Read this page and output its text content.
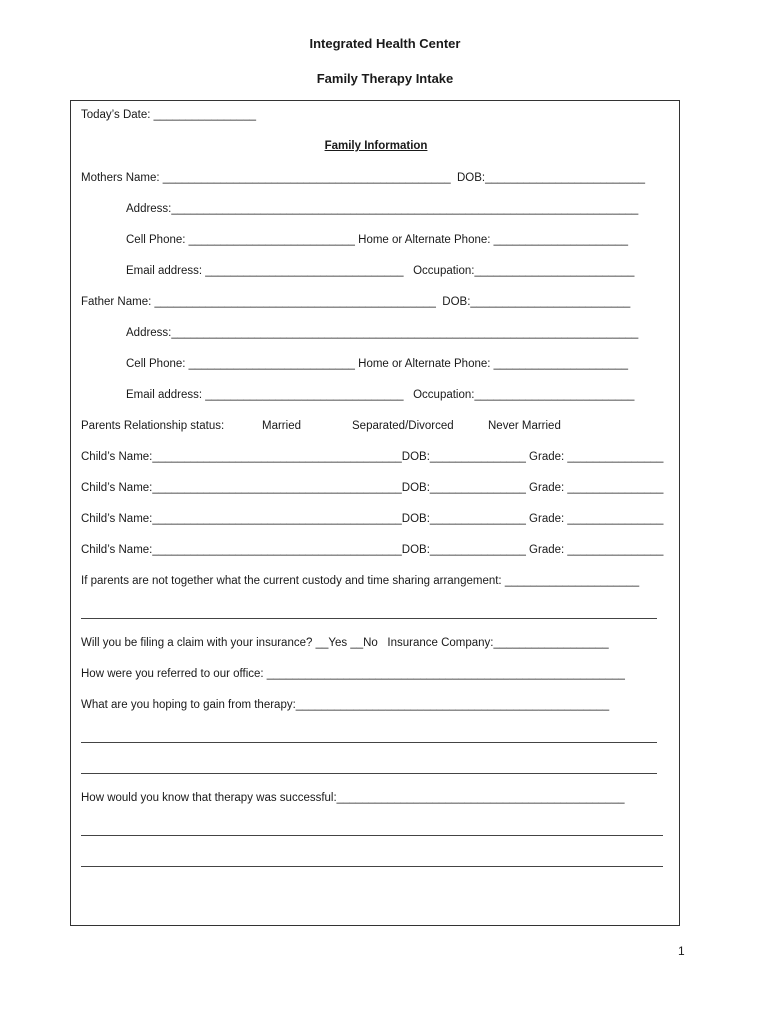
Integrated Health Center
Family Therapy Intake
Today’s Date: ________________
Family Information
Mothers Name: _____________________________________________  DOB:_________________________
Address:_________________________________________________________________________
Cell Phone: __________________________ Home or Alternate Phone: _____________________
Email address: _______________________________   Occupation:_________________________
Father Name: ____________________________________________  DOB:_________________________
Address:_________________________________________________________________________
Cell Phone: __________________________ Home or Alternate Phone: _____________________
Email address: _______________________________   Occupation:_________________________
Parents Relationship status:	Married	Separated/Divorced	Never Married
Child’s Name:_______________________________________DOB:_______________ Grade: _______________
Child’s Name:_______________________________________DOB:_______________ Grade: _______________
Child’s Name:_______________________________________DOB:_______________ Grade: _______________
Child’s Name:_______________________________________DOB:_______________ Grade: _______________
If parents are not together what the current custody and time sharing arrangement: _____________________
Will you be filing a claim with your insurance? __Yes __No   Insurance Company:__________________
How were you referred to our office: ________________________________________________________
What are you hoping to gain from therapy:_________________________________________________
How would you know that therapy was successful:_____________________________________________
1
